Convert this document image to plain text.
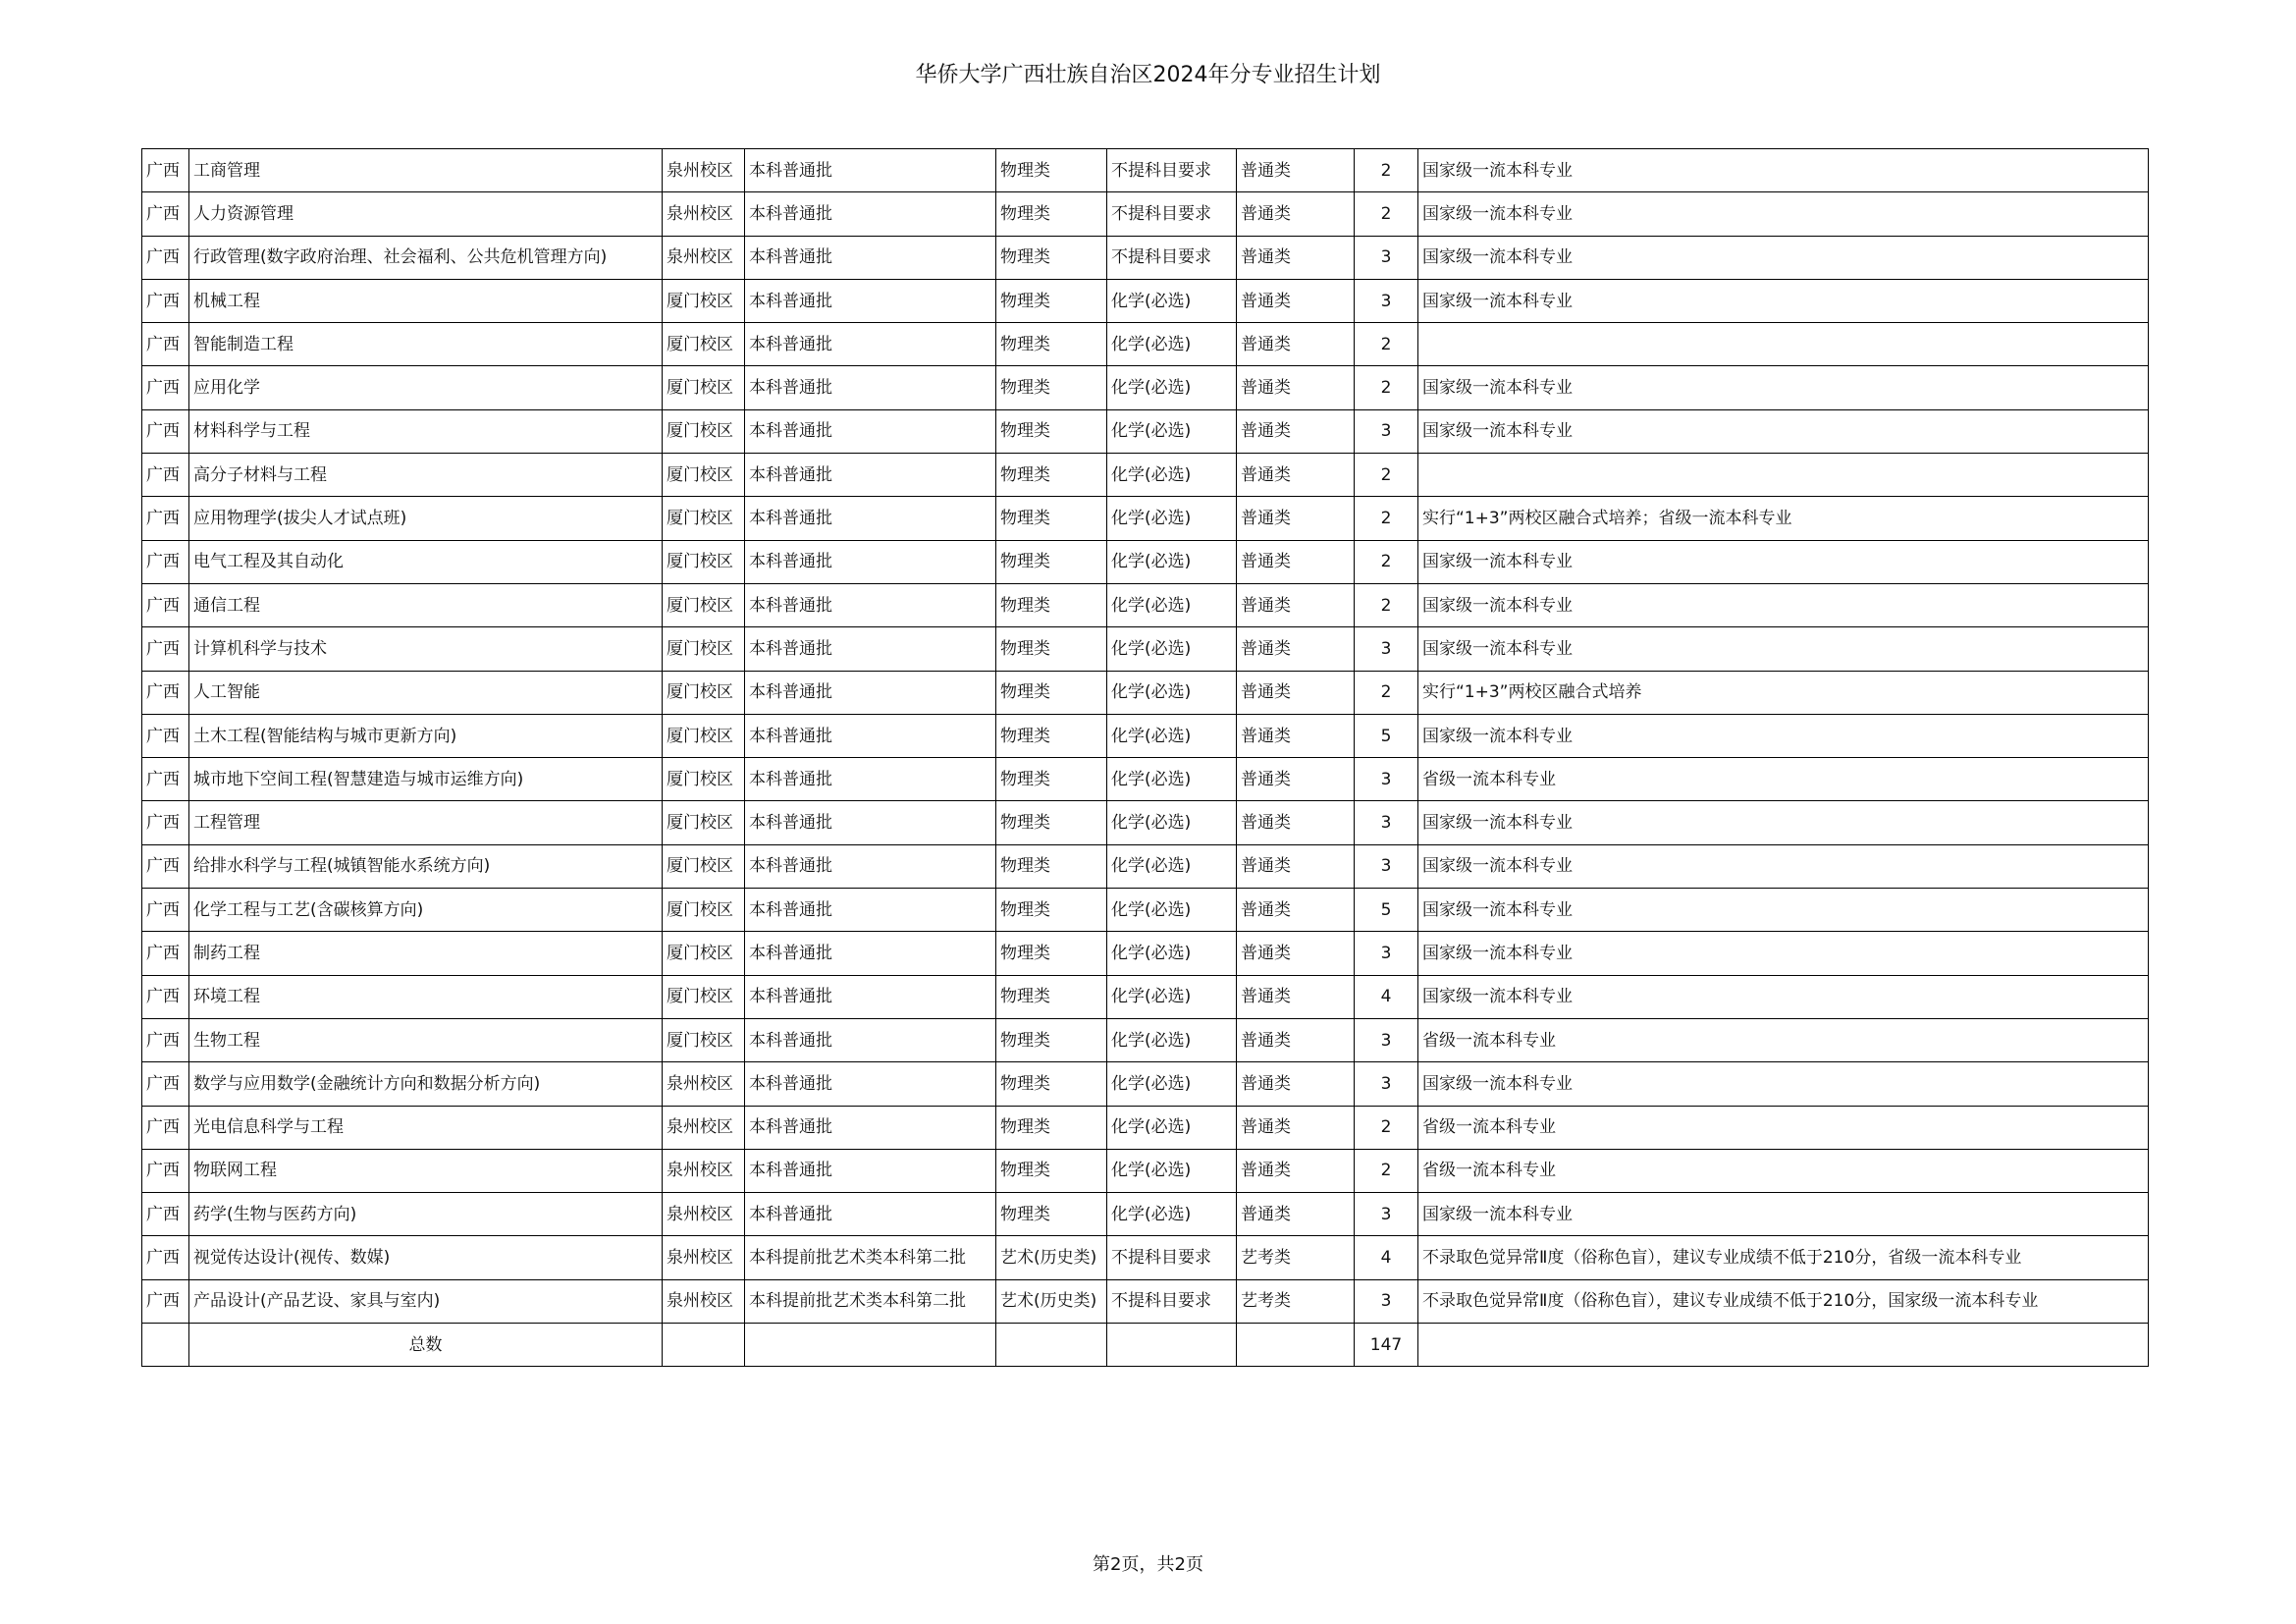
华侨大学广西壮族自治区2024年分专业招生计划
广西	工商管理	泉州校区	本科普通批	物理类	不提科目要求	普通类	2	国家级一流本科专业
广西	人力资源管理	泉州校区	本科普通批	物理类	不提科目要求	普通类	2	国家级一流本科专业
广西	行政管理(数字政府治理、社会福利、公共危机管理方向)	泉州校区	本科普通批	物理类	不提科目要求	普通类	3	国家级一流本科专业
广西	机械工程	厦门校区	本科普通批	物理类	化学(必选)	普通类	3	国家级一流本科专业
广西	智能制造工程	厦门校区	本科普通批	物理类	化学(必选)	普通类	2	
广西	应用化学	厦门校区	本科普通批	物理类	化学(必选)	普通类	2	国家级一流本科专业
广西	材料科学与工程	厦门校区	本科普通批	物理类	化学(必选)	普通类	3	国家级一流本科专业
广西	高分子材料与工程	厦门校区	本科普通批	物理类	化学(必选)	普通类	2	
广西	应用物理学(拔尖人才试点班)	厦门校区	本科普通批	物理类	化学(必选)	普通类	2	实行“1+3”两校区融合式培养；省级一流本科专业
广西	电气工程及其自动化	厦门校区	本科普通批	物理类	化学(必选)	普通类	2	国家级一流本科专业
广西	通信工程	厦门校区	本科普通批	物理类	化学(必选)	普通类	2	国家级一流本科专业
广西	计算机科学与技术	厦门校区	本科普通批	物理类	化学(必选)	普通类	3	国家级一流本科专业
广西	人工智能	厦门校区	本科普通批	物理类	化学(必选)	普通类	2	实行“1+3”两校区融合式培养
广西	土木工程(智能结构与城市更新方向)	厦门校区	本科普通批	物理类	化学(必选)	普通类	5	国家级一流本科专业
广西	城市地下空间工程(智慧建造与城市运维方向)	厦门校区	本科普通批	物理类	化学(必选)	普通类	3	省级一流本科专业
广西	工程管理	厦门校区	本科普通批	物理类	化学(必选)	普通类	3	国家级一流本科专业
广西	给排水科学与工程(城镇智能水系统方向)	厦门校区	本科普通批	物理类	化学(必选)	普通类	3	国家级一流本科专业
广西	化学工程与工艺(含碳核算方向)	厦门校区	本科普通批	物理类	化学(必选)	普通类	5	国家级一流本科专业
广西	制药工程	厦门校区	本科普通批	物理类	化学(必选)	普通类	3	国家级一流本科专业
广西	环境工程	厦门校区	本科普通批	物理类	化学(必选)	普通类	4	国家级一流本科专业
广西	生物工程	厦门校区	本科普通批	物理类	化学(必选)	普通类	3	省级一流本科专业
广西	数学与应用数学(金融统计方向和数据分析方向)	泉州校区	本科普通批	物理类	化学(必选)	普通类	3	国家级一流本科专业
广西	光电信息科学与工程	泉州校区	本科普通批	物理类	化学(必选)	普通类	2	省级一流本科专业
广西	物联网工程	泉州校区	本科普通批	物理类	化学(必选)	普通类	2	省级一流本科专业
广西	药学(生物与医药方向)	泉州校区	本科普通批	物理类	化学(必选)	普通类	3	国家级一流本科专业
广西	视觉传达设计(视传、数媒)	泉州校区	本科提前批艺术类本科第二批	艺术(历史类)	不提科目要求	艺考类	4	不录取色觉异常Ⅱ度（俗称色盲），建议专业成绩不低于210分，省级一流本科专业
广西	产品设计(产品艺设、家具与室内)	泉州校区	本科提前批艺术类本科第二批	艺术(历史类)	不提科目要求	艺考类	3	不录取色觉异常Ⅱ度（俗称色盲），建议专业成绩不低于210分，国家级一流本科专业
	总数						147	
第2页，共2页
